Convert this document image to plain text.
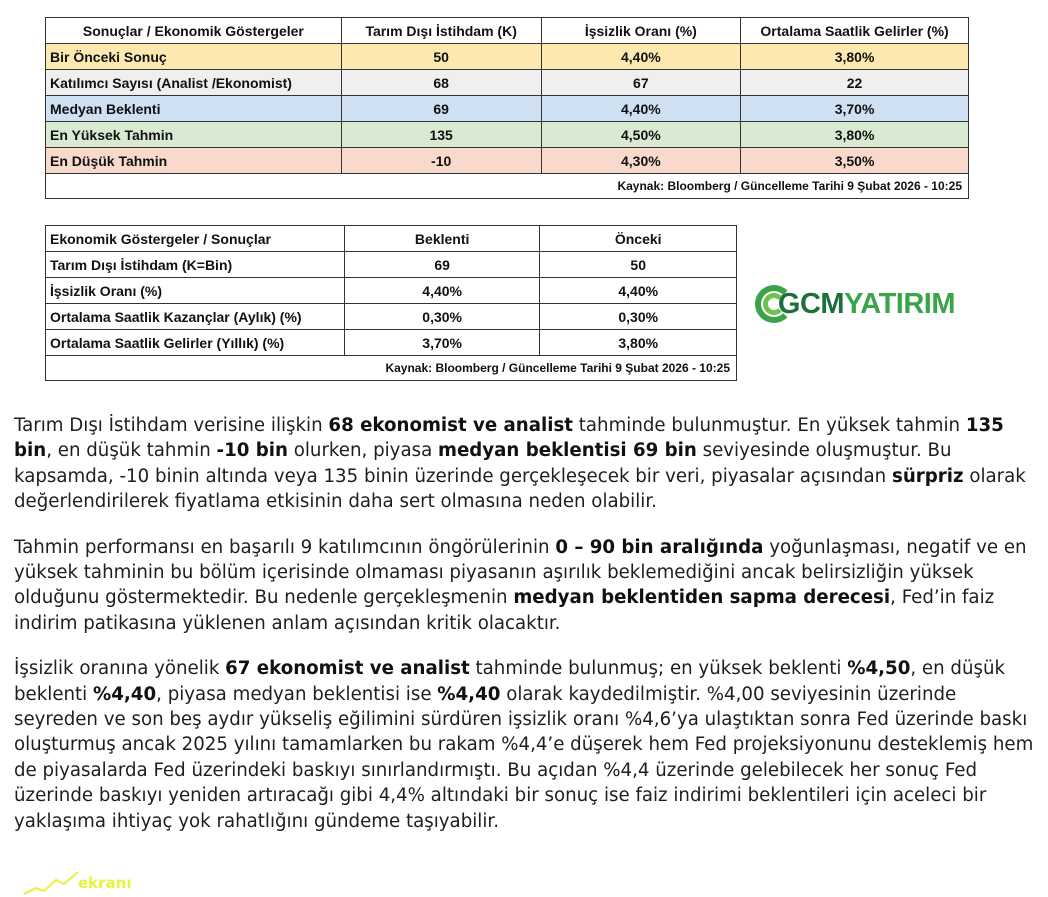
Sonuçlar / Ekonomik Göstergeler	Tarım Dışı İstihdam (K)	İşsizlik Oranı (%)	Ortalama Saatlik Gelirler (%)
Bir Önceki Sonuç	50	4,40%	3,80%
Katılımcı Sayısı (Analist /Ekonomist)	68	67	22
Medyan Beklenti	69	4,40%	3,70%
En Yüksek Tahmin	135	4,50%	3,80%
En Düşük Tahmin	-10	4,30%	3,50%
Kaynak: Bloomberg / Güncelleme Tarihi 9 Şubat 2026 - 10:25			
Ekonomik Göstergeler / Sonuçlar	Beklenti	Önceki
Tarım Dışı İstihdam (K=Bin)	69	50
İşsizlik Oranı (%)	4,40%	4,40%
Ortalama Saatlik Kazançlar (Aylık) (%)	0,30%	0,30%
Ortalama Saatlik Gelirler (Yıllık) (%)	3,70%	3,80%
Kaynak: Bloomberg / Güncelleme Tarihi 9 Şubat 2026 - 10:25		
GCMYATIRIM

Tarım Dışı İstihdam verisine ilişkin 68 ekonomist ve analist tahminde bulunmuştur. En yüksek tahmin 135 bin, en düşük tahmin -10 bin olurken, piyasa medyan beklentisi 69 bin seviyesinde oluşmuştur. Bu kapsamda, -10 binin altında veya 135 binin üzerinde gerçekleşecek bir veri, piyasalar açısından sürpriz olarak değerlendirilerek fiyatlama etkisinin daha sert olmasına neden olabilir.

Tahmin performansı en başarılı 9 katılımcının öngörülerinin 0 – 90 bin aralığında yoğunlaşması, negatif ve en yüksek tahminin bu bölüm içerisinde olmaması piyasanın aşırılık beklemediğini ancak belirsizliğin yüksek olduğunu göstermektedir. Bu nedenle gerçekleşmenin medyan beklentiden sapma derecesi, Fed’in faiz indirim patikasına yüklenen anlam açısından kritik olacaktır.

İşsizlik oranına yönelik 67 ekonomist ve analist tahminde bulunmuş; en yüksek beklenti %4,50, en düşük beklenti %4,40, piyasa medyan beklentisi ise %4,40 olarak kaydedilmiştir. %4,00 seviyesinin üzerinde seyreden ve son beş aydır yükseliş eğilimini sürdüren işsizlik oranı %4,6’ya ulaştıktan sonra Fed üzerinde baskı oluşturmuş ancak 2025 yılını tamamlarken bu rakam %4,4’e düşerek hem Fed projeksiyonunu desteklemiş hem de piyasalarda Fed üzerindeki baskıyı sınırlandırmıştı. Bu açıdan %4,4 üzerinde gelebilecek her sonuç Fed üzerinde baskıyı yeniden artıracağı gibi 4,4% altındaki bir sonuç ise faiz indirimi beklentileri için aceleci bir yaklaşıma ihtiyaç yok rahatlığını gündeme taşıyabilir.

ekranı
